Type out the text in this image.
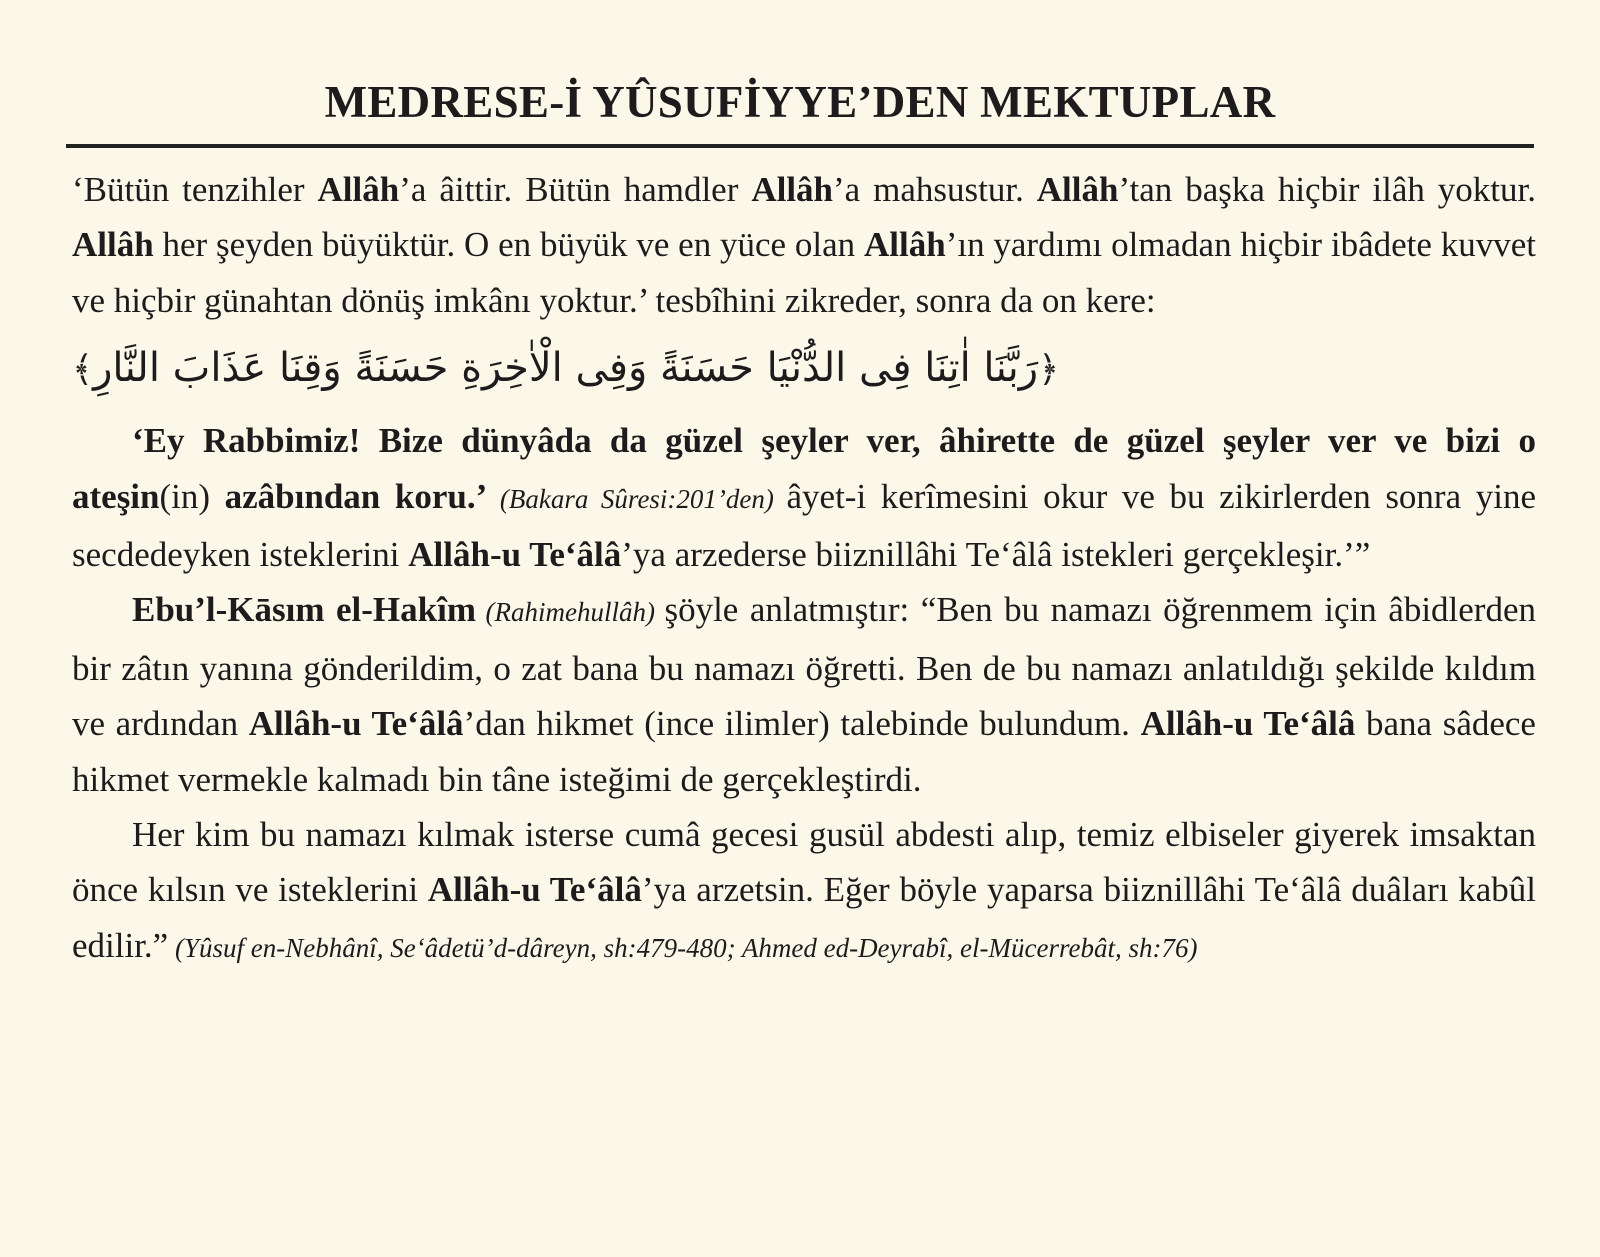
MEDRESE-İ YÛSUFİYYE’DEN MEKTUPLAR

‘Bütün tenzihler Allâh’a âittir. Bütün hamdler Allâh’a mahsustur. Allâh’tan başka hiçbir ilâh yoktur. Allâh her şeyden büyüktür. O en büyük ve en yüce olan Allâh’ın yardımı olmadan hiçbir ibâdete kuvvet ve hiçbir günahtan dönüş imkânı yoktur.’ tesbîhini zikreder, sonra da on kere:

﴿رَبَّنَا اٰتِنَا فِى الدُّنْيَا حَسَنَةً وَفِى الْاٰخِرَةِ حَسَنَةً وَقِنَا عَذَابَ النَّارِ﴾

‘Ey Rabbimiz! Bize dünyâda da güzel şeyler ver, âhirette de güzel şeyler ver ve bizi o ateşin(in) azâbından koru.’ (Bakara Sûresi:201’den) âyet-i kerîmesini okur ve bu zikirlerden sonra yine secdedeyken isteklerini Allâh-u Te‘âlâ’ya arzederse biiznillâhi Te‘âlâ istekleri gerçekleşir.’”

Ebu’l-Kāsım el-Hakîm (Rahimehullâh) şöyle anlatmıştır: “Ben bu namazı öğrenmem için âbidlerden bir zâtın yanına gönderildim, o zat bana bu namazı öğretti. Ben de bu namazı anlatıldığı şekilde kıldım ve ardından Allâh-u Te‘âlâ’dan hikmet (ince ilimler) talebinde bulundum. Allâh-u Te‘âlâ bana sâdece hikmet vermekle kalmadı bin tâne isteğimi de gerçekleştirdi.

Her kim bu namazı kılmak isterse cumâ gecesi gusül abdesti alıp, temiz elbiseler giyerek imsaktan önce kılsın ve isteklerini Allâh-u Te‘âlâ’ya arzetsin. Eğer böyle yaparsa biiznillâhi Te‘âlâ duâları kabûl edilir.” (Yûsuf en-Nebhânî, Se‘âdetü’d-dâreyn, sh:479-480; Ahmed ed-Deyrabî, el-Mücerrebât, sh:76)
